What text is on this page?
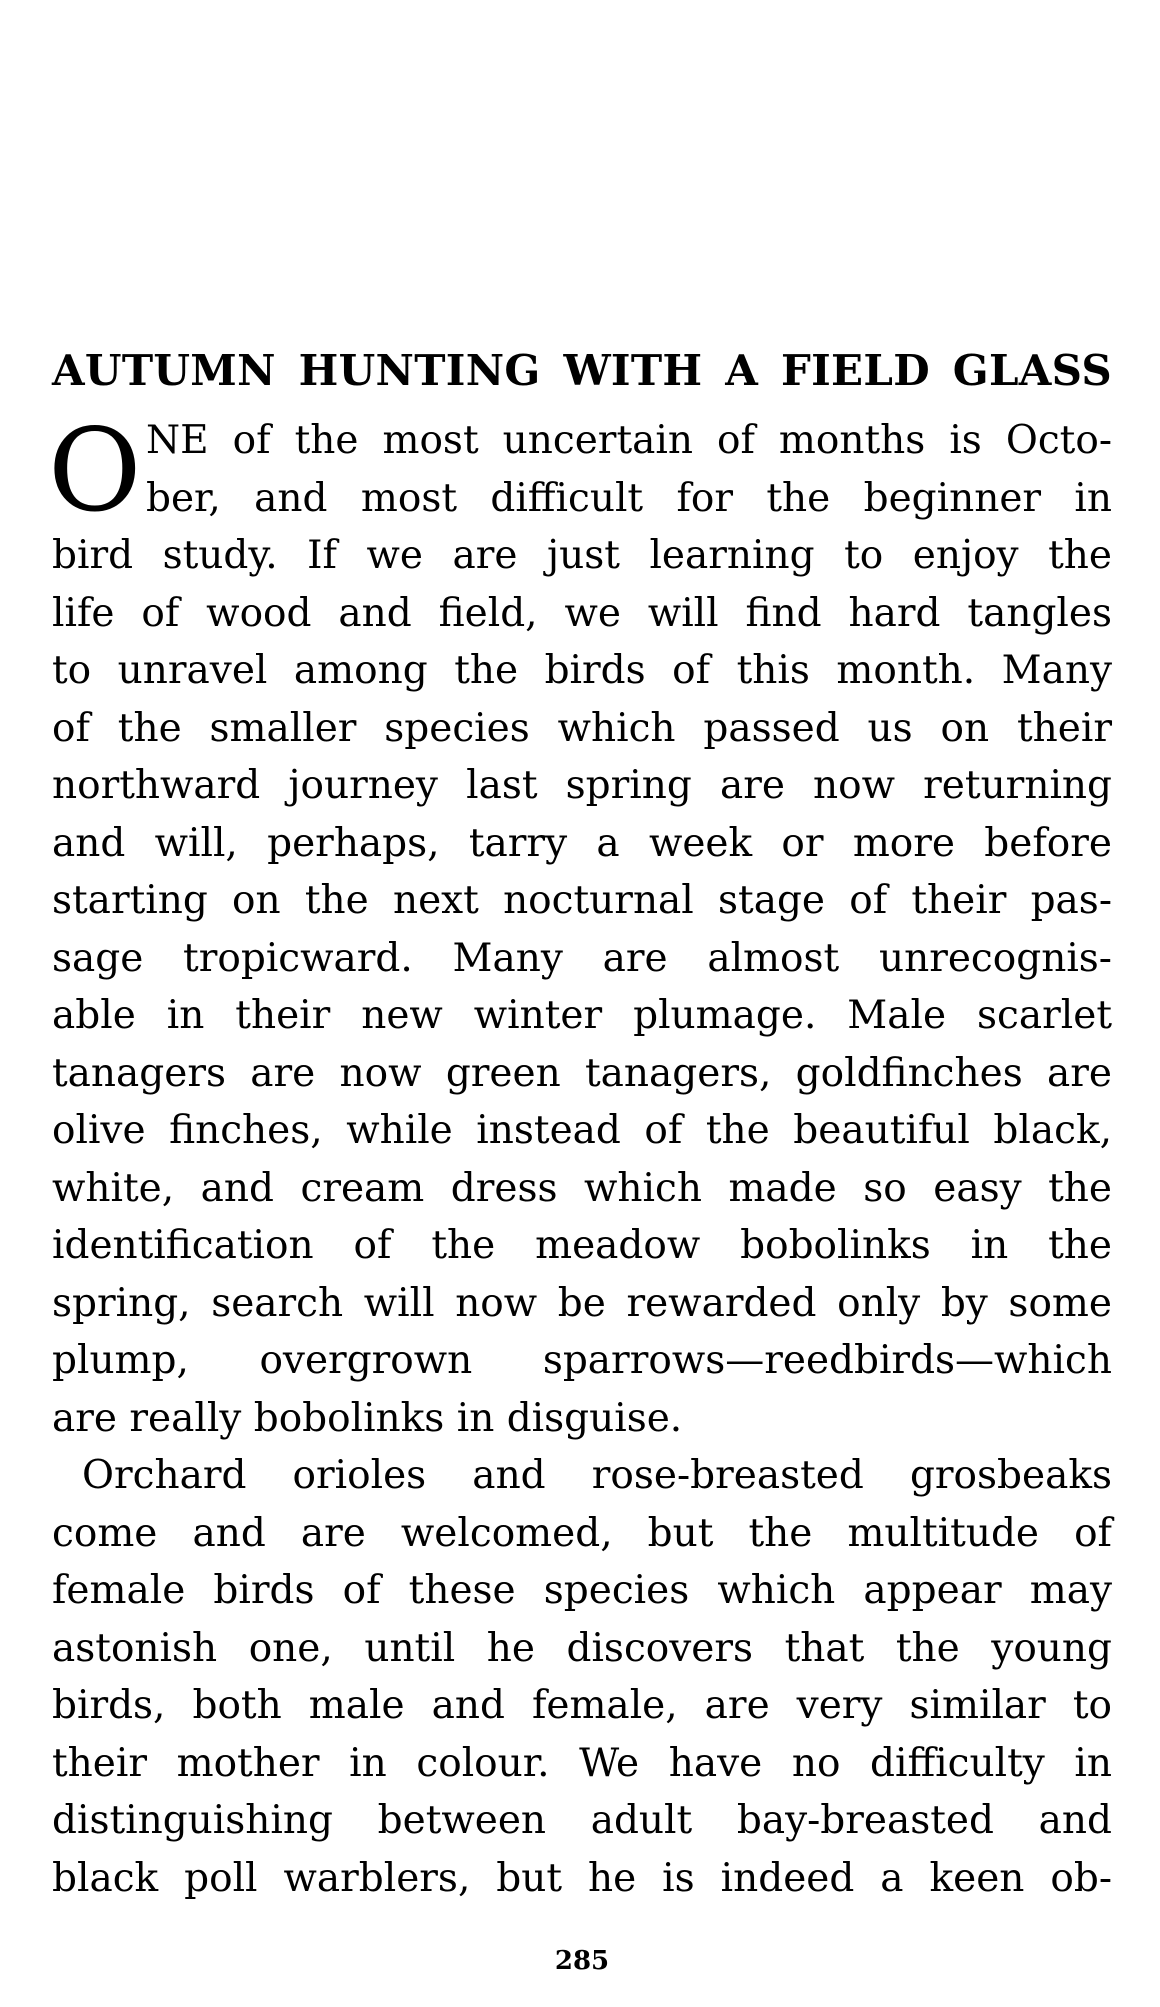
AUTUMN HUNTING WITH A FIELD GLASS
O NE of the most uncertain of months is Octo-
ber, and most difficult for the beginner in
bird study. If we are just learning to enjoy the
life of wood and field, we will find hard tangles
to unravel among the birds of this month. Many
of the smaller species which passed us on their
northward journey last spring are now returning
and will, perhaps, tarry a week or more before
starting on the next nocturnal stage of their pas-
sage tropicward. Many are almost unrecognis-
able in their new winter plumage. Male scarlet
tanagers are now green tanagers, goldfinches are
olive finches, while instead of the beautiful black,
white, and cream dress which made so easy the
identification of the meadow bobolinks in the
spring, search will now be rewarded only by some
plump, overgrown sparrows—reedbirds—which
are really bobolinks in disguise.
Orchard orioles and rose-breasted grosbeaks
come and are welcomed, but the multitude of
female birds of these species which appear may
astonish one, until he discovers that the young
birds, both male and female, are very similar to
their mother in colour. We have no difficulty in
distinguishing between adult bay-breasted and
black poll warblers, but he is indeed a keen ob-
285
